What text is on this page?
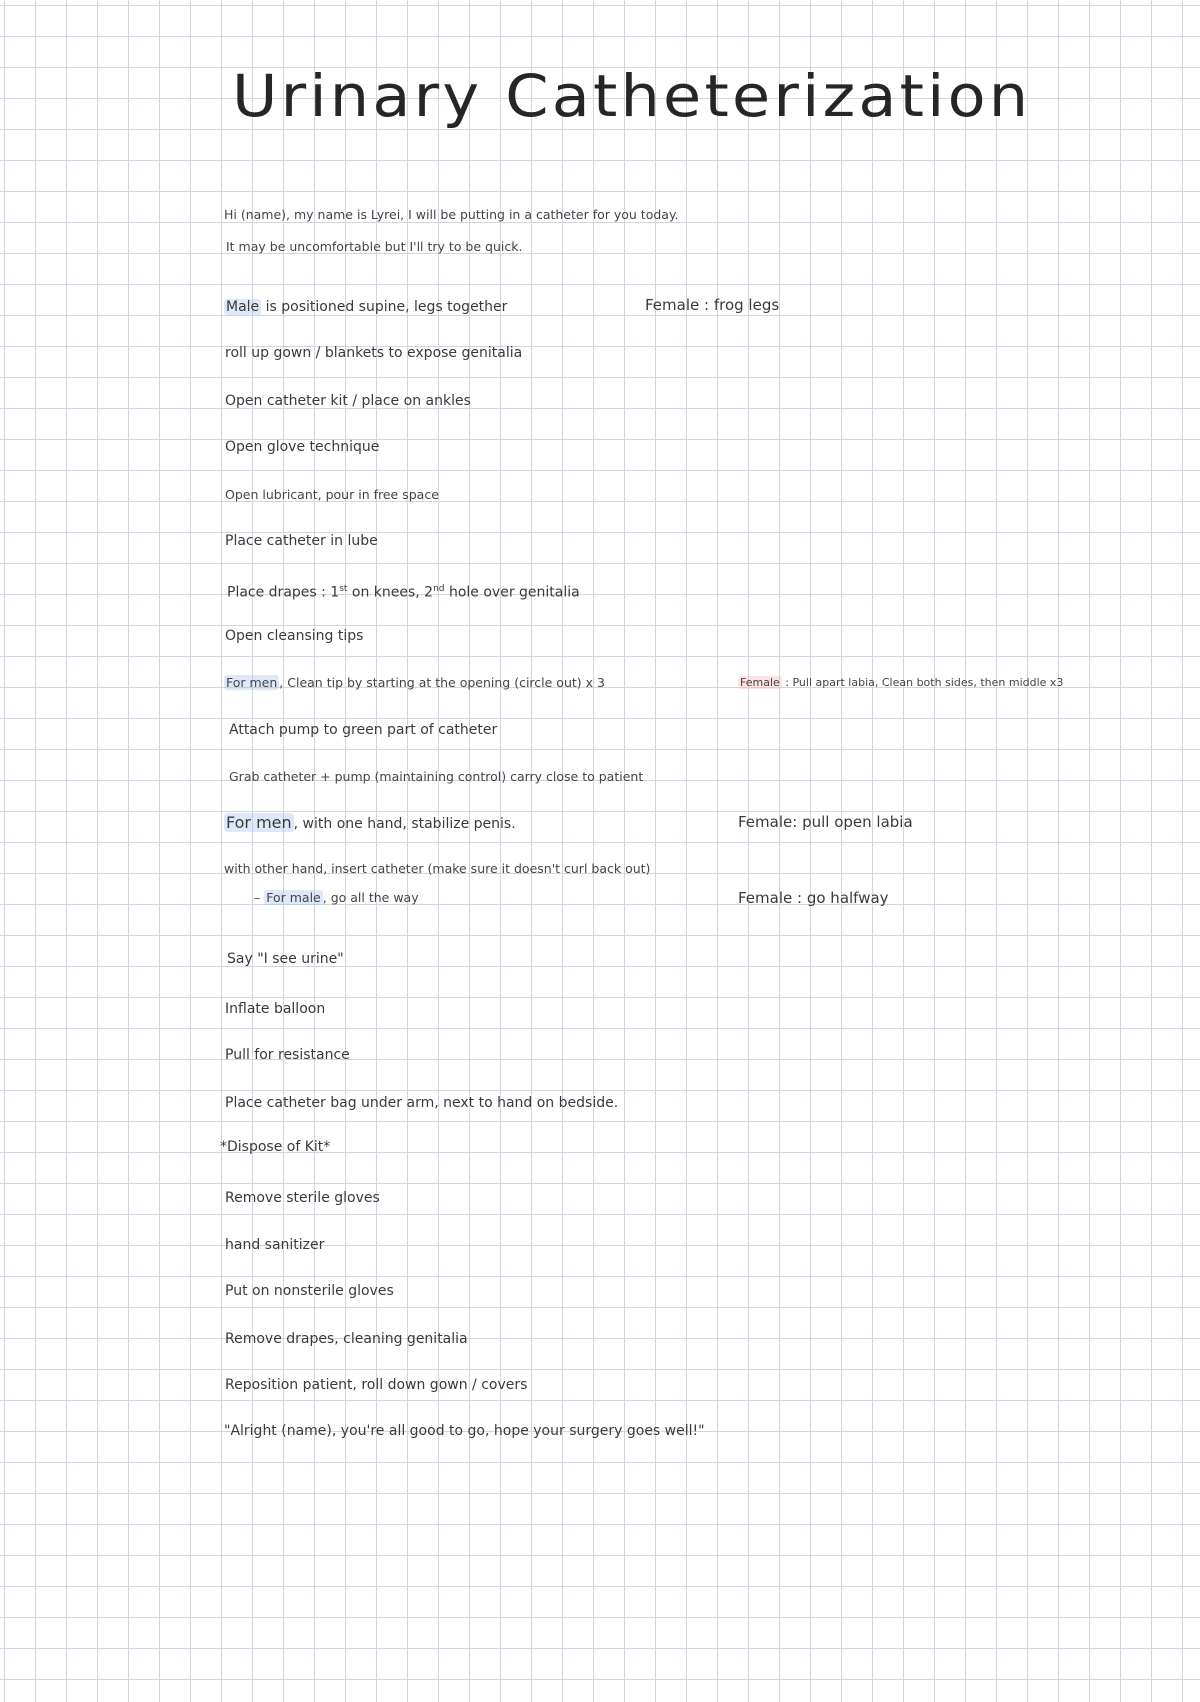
Urinary Catheterization
Hi (name), my name is Lyrei, I will be putting in a catheter for you today.
It may be uncomfortable but I'll try to be quick.
Male is positioned supine, legs together	Female : frog legs
roll up gown / blankets to expose genitalia
Open catheter kit / place on ankles
Open glove technique
Open lubricant, pour in free space
Place catheter in lube
Place drapes : 1st on knees, 2nd hole over genitalia
Open cleansing tips
For men , Clean tip by starting at the opening (circle out) x 3	Female : Pull apart labia, Clean both sides, then middle x3
Attach pump to green part of catheter
Grab catheter + pump (maintaining control) carry close to patient
For men , with one hand, stabilize penis.	Female: pull open labia
with other hand, insert catheter (make sure it doesn't curl back out)
– For male , go all the way	Female : go halfway
Say "I see urine"
Inflate balloon
Pull for resistance
Place catheter bag under arm, next to hand on bedside.
*Dispose of Kit*
Remove sterile gloves
hand sanitizer
Put on nonsterile gloves
Remove drapes, cleaning genitalia
Reposition patient, roll down gown / covers
"Alright (name), you're all good to go, hope your surgery goes well!"
